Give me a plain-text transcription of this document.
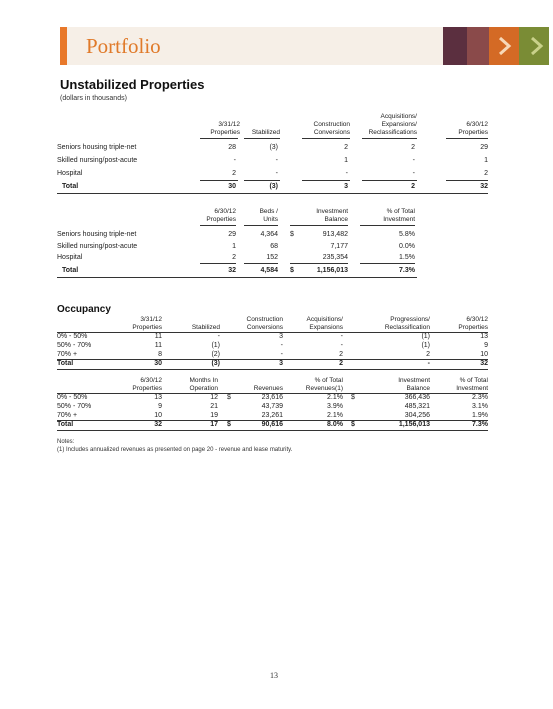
Portfolio
Unstabilized Properties
(dollars in thousands)
3/31/12
Properties	Stabilized
Construction
Conversions
Acquisitions/
Expansions/
Reclassifications
6/30/12
Properties
Seniors housing triple-net	28	(3)	2	2	29
Skilled nursing/post-acute	-	-	1	-	1
Hospital	2	-	-	-	2
Total	30	(3)	3	2	32
6/30/12
Properties
Beds /
Units
Investment
Balance
% of Total
Investment
Seniors housing triple-net	29	4,364 $	913,482	5.8%
Skilled nursing/post-acute	1	68	7,177	0.0%
Hospital	2	152	235,354	1.5%
Total	32	4,584 $	1,156,013	7.3%
Occupancy
3/31/12
Properties	Stabilized
Construction
Conversions
Acquisitions/
Expansions
Progressions/
Reclassification
6/30/12
Properties
0% - 50%	11	-	3	-	(1)	13
50% - 70%	11	(1)	-	-	(1)	9
70% +	8	(2)	-	2	2	10
Total	30	(3)	3	2	-	32
6/30/12
Properties
Months In
Operation	Revenues
% of Total
Revenues(1)
Investment
Balance
% of Total
Investment
0% - 50%	13	12 $	23,616	2.1% $	366,436	2.3%
50% - 70%	9	21	43,739	3.9%	485,321	3.1%
70% +	10	19	23,261	2.1%	304,256	1.9%
Total	32	17 $	90,616	8.0% $	1,156,013	7.3%
Notes:
(1) Includes annualized revenues as presented on page 20 - revenue and lease maturity.
13
